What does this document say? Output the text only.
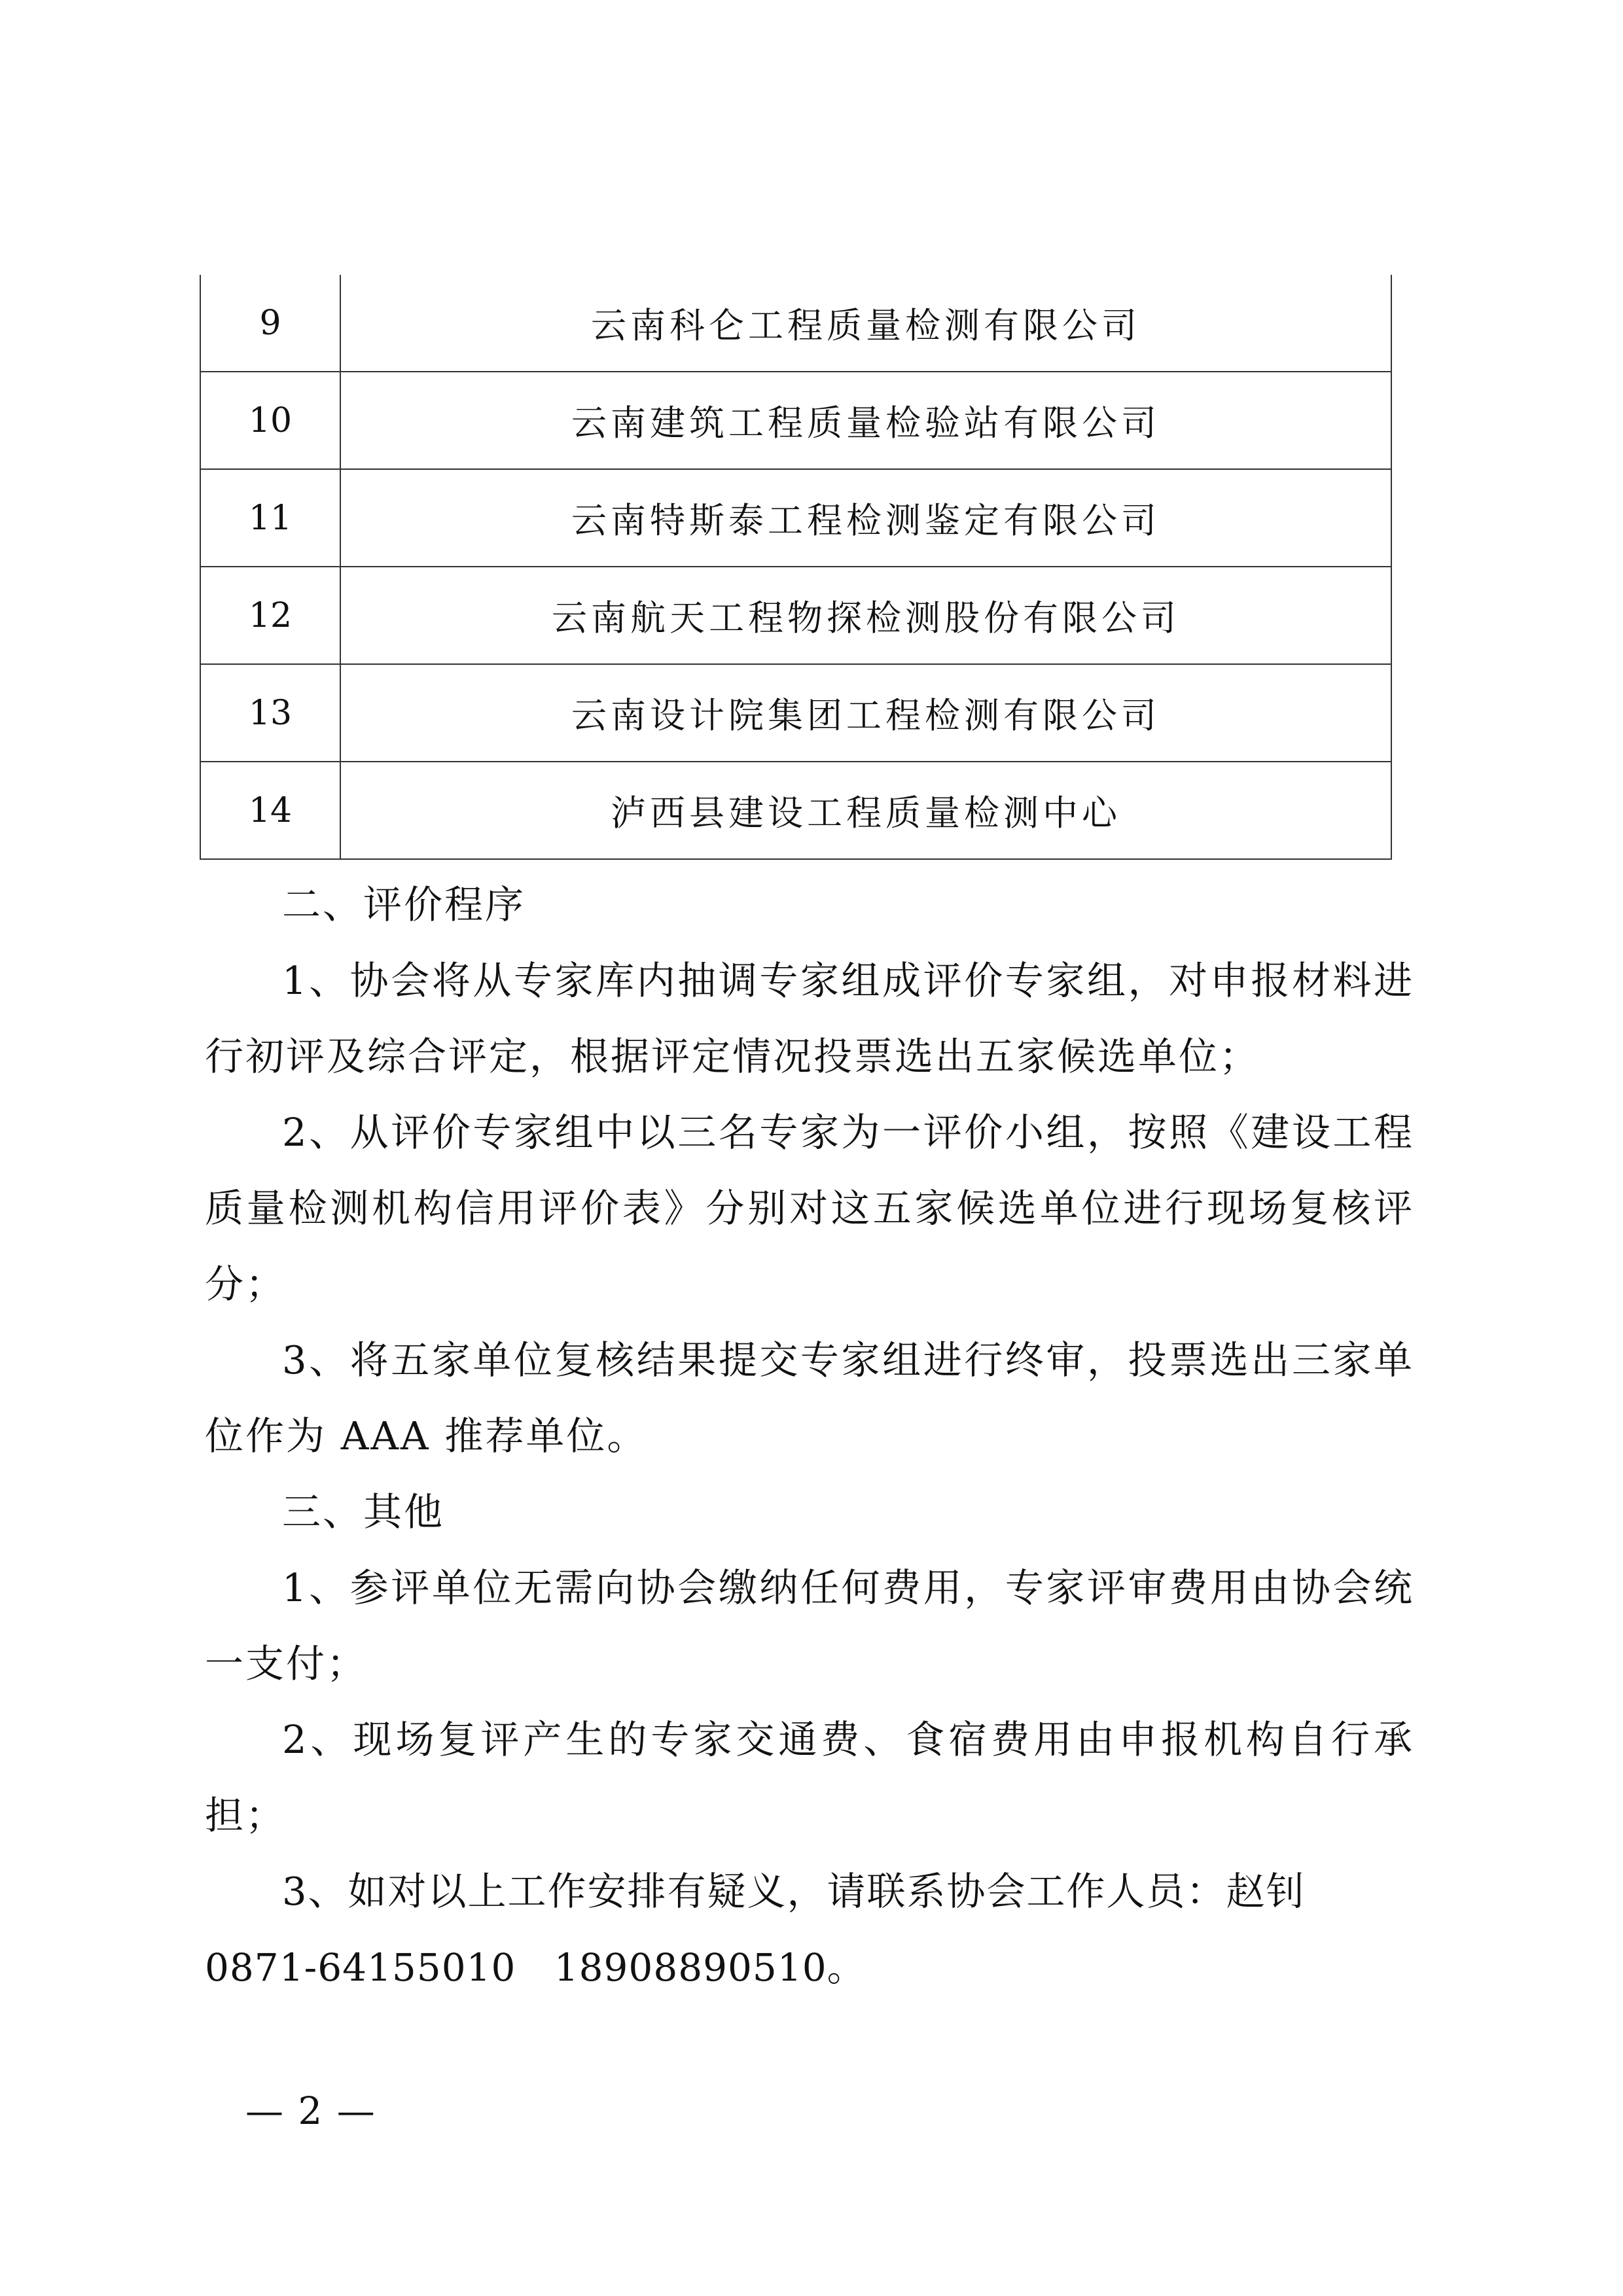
9	云南科仑工程质量检测有限公司
10	云南建筑工程质量检验站有限公司
11	云南特斯泰工程检测鉴定有限公司
12	云南航天工程物探检测股份有限公司
13	云南设计院集团工程检测有限公司
14	泸西县建设工程质量检测中心

二、评价程序

1、协会将从专家库内抽调专家组成评价专家组，对申报材料进行初评及综合评定，根据评定情况投票选出五家候选单位；

2、从评价专家组中以三名专家为一评价小组，按照《建设工程质量检测机构信用评价表》分别对这五家候选单位进行现场复核评分；

3、将五家单位复核结果提交专家组进行终审，投票选出三家单位作为 AAA 推荐单位。

三、其他

1、参评单位无需向协会缴纳任何费用，专家评审费用由协会统一支付；

2、现场复评产生的专家交通费、食宿费用由申报机构自行承担；

3、如对以上工作安排有疑义，请联系协会工作人员：赵钊

0871-64155010   18908890510。

— 2 —
